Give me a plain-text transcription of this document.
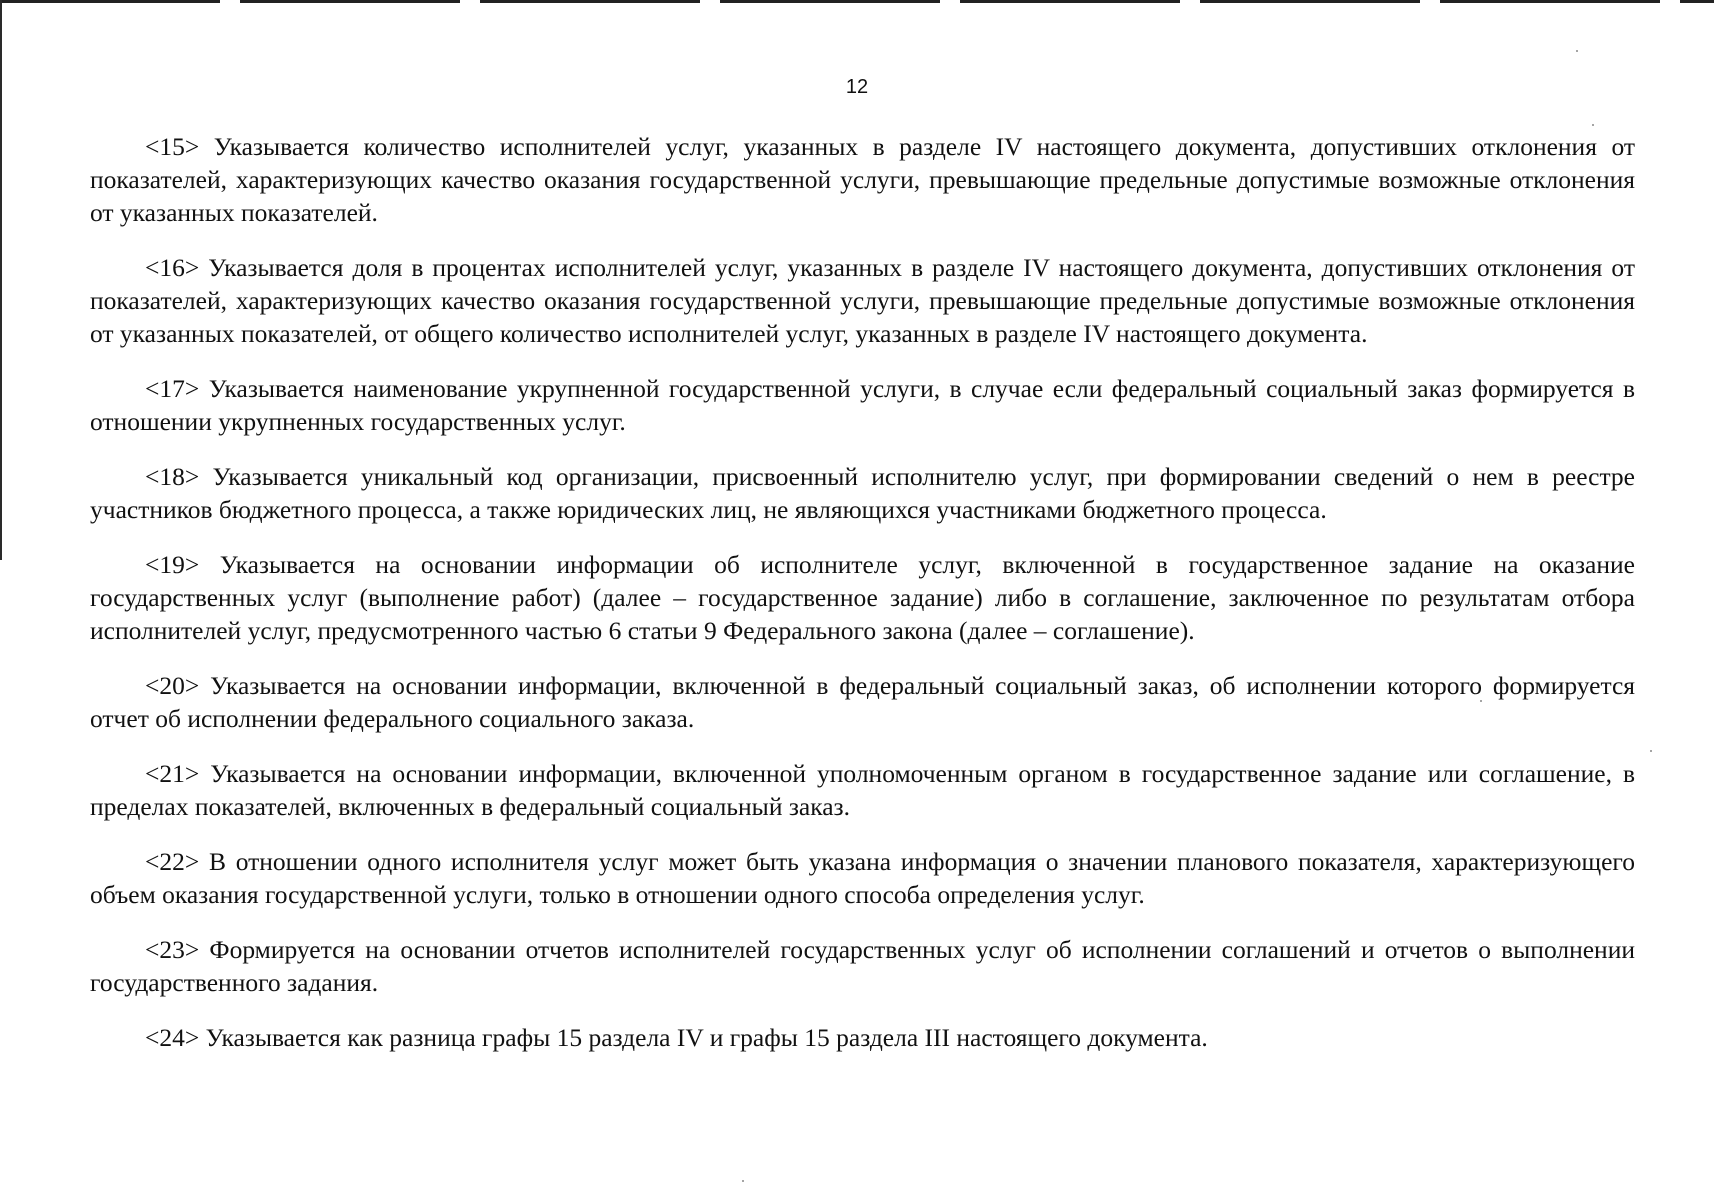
12

<15> Указывается количество исполнителей услуг, указанных в разделе IV настоящего документа, допустивших отклонения от показателей, характеризующих качество оказания государственной услуги, превышающие предельные допустимые возможные отклонения от указанных показателей.

<16> Указывается доля в процентах исполнителей услуг, указанных в разделе IV настоящего документа, допустивших отклонения от показателей, характеризующих качество оказания государственной услуги, превышающие предельные допустимые возможные отклонения от указанных показателей, от общего количество исполнителей услуг, указанных в разделе IV настоящего документа.

<17> Указывается наименование укрупненной государственной услуги, в случае если федеральный социальный заказ формируется в отношении укрупненных государственных услуг.

<18> Указывается уникальный код организации, присвоенный исполнителю услуг, при формировании сведений о нем в реестре участников бюджетного процесса, а также юридических лиц, не являющихся участниками бюджетного процесса.

<19> Указывается на основании информации об исполнителе услуг, включенной в государственное задание на оказание государственных услуг (выполнение работ) (далее – государственное задание) либо в соглашение, заключенное по результатам отбора исполнителей услуг, предусмотренного частью 6 статьи 9 Федерального закона (далее – соглашение).

<20> Указывается на основании информации, включенной в федеральный социальный заказ, об исполнении которого формируется отчет об исполнении федерального социального заказа.

<21> Указывается на основании информации, включенной уполномоченным органом в государственное задание или соглашение, в пределах показателей, включенных в федеральный социальный заказ.

<22> В отношении одного исполнителя услуг может быть указана информация о значении планового показателя, характеризующего объем оказания государственной услуги, только в отношении одного способа определения услуг.

<23> Формируется на основании отчетов исполнителей государственных услуг об исполнении соглашений и отчетов о выполнении государственного задания.

<24> Указывается как разница графы 15 раздела IV и графы 15 раздела III настоящего документа.
